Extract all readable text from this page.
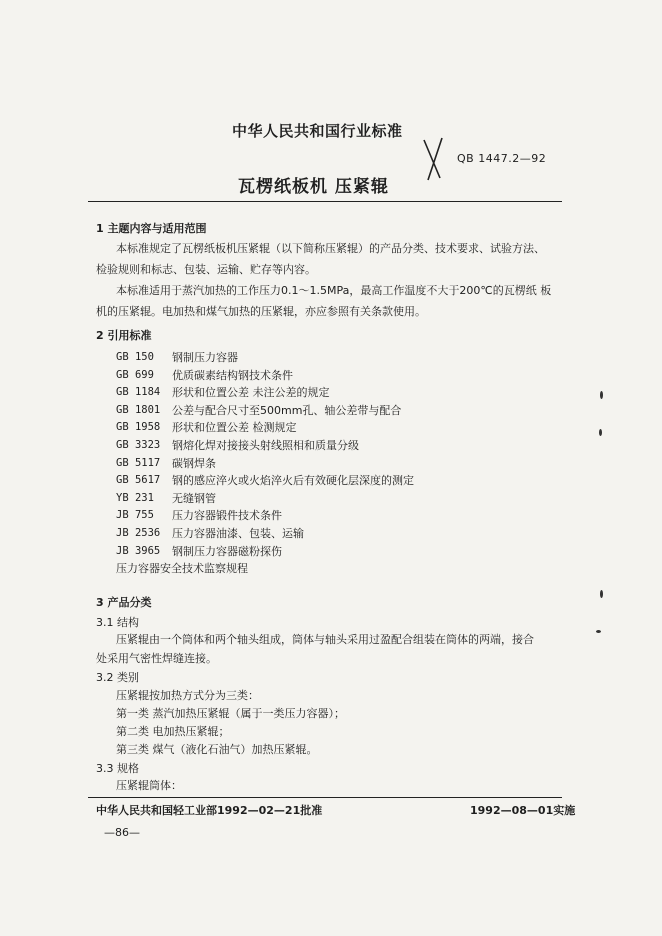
中华人民共和国行业标准
QB 1447.2—92
瓦楞纸板机 压紧辊
1 主题内容与适用范围
本标准规定了瓦楞纸板机压紧辊（以下简称压紧辊）的产品分类、技术要求、试验方法、
检验规则和标志、包装、运输、贮存等内容。
本标准适用于蒸汽加热的工作压力0.1～1.5MPa，最高工作温度不大于200℃的瓦楞纸 板
机的压紧辊。电加热和煤气加热的压紧辊，亦应参照有关条款使用。
2 引用标准
GB 150	钢制压力容器
GB 699	优质碳素结构钢技术条件
GB 1184	形状和位置公差 未注公差的规定
GB 1801	公差与配合尺寸至500mm孔、轴公差带与配合
GB 1958	形状和位置公差 检测规定
GB 3323	钢熔化焊对接接头射线照相和质量分级
GB 5117	碳钢焊条
GB 5617	钢的感应淬火或火焰淬火后有效硬化层深度的测定
YB 231	无缝钢管
JB 755	压力容器锻件技术条件
JB 2536	压力容器油漆、包装、运输
JB 3965	钢制压力容器磁粉探伤
压力容器安全技术监察规程
3 产品分类
3.1 结构
压紧辊由一个筒体和两个轴头组成，筒体与轴头采用过盈配合组装在筒体的两端，接合
处采用气密性焊缝连接。
3.2 类别
压紧辊按加热方式分为三类：
第一类 蒸汽加热压紧辊（属于一类压力容器）；
第二类 电加热压紧辊；
第三类 煤气（液化石油气）加热压紧辊。
3.3 规格
压紧辊筒体：
中华人民共和国轻工业部1992—02—21批准	1992—08—01实施
—86—
